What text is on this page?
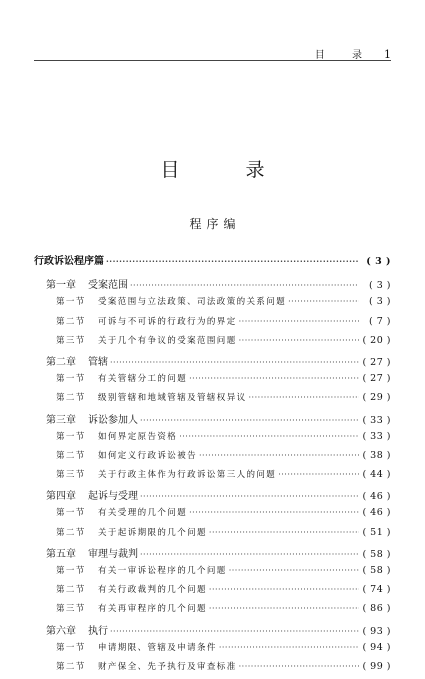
目 录 1
目 录
程序编
行政诉讼程序篇 ·····	( 3 )
第一章 受案范围 ·····	( 3 )
第一节 受案范围与立法政策、司法政策的关系问题 ·····	( 3 )
第二节 可诉与不可诉的行政行为的界定 ·····	( 7 )
第三节 关于几个有争议的受案范围问题 ·····	( 20 )
第二章 管辖 ·····	( 27 )
第一节 有关管辖分工的问题 ·····	( 27 )
第二节 级别管辖和地域管辖及管辖权异议 ·····	( 29 )
第三章 诉讼参加人 ·····	( 33 )
第一节 如何界定原告资格 ·····	( 33 )
第二节 如何定义行政诉讼被告 ·····	( 38 )
第三节 关于行政主体作为行政诉讼第三人的问题 ·····	( 44 )
第四章 起诉与受理 ·····	( 46 )
第一节 有关受理的几个问题 ·····	( 46 )
第二节 关于起诉期限的几个问题 ·····	( 51 )
第五章 审理与裁判 ·····	( 58 )
第一节 有关一审诉讼程序的几个问题 ·····	( 58 )
第二节 有关行政裁判的几个问题 ·····	( 74 )
第三节 有关再审程序的几个问题 ·····	( 86 )
第六章 执行 ·····	( 93 )
第一节 申请期限、管辖及申请条件 ·····	( 94 )
第二节 财产保全、先予执行及审查标准 ·····	( 99 )
